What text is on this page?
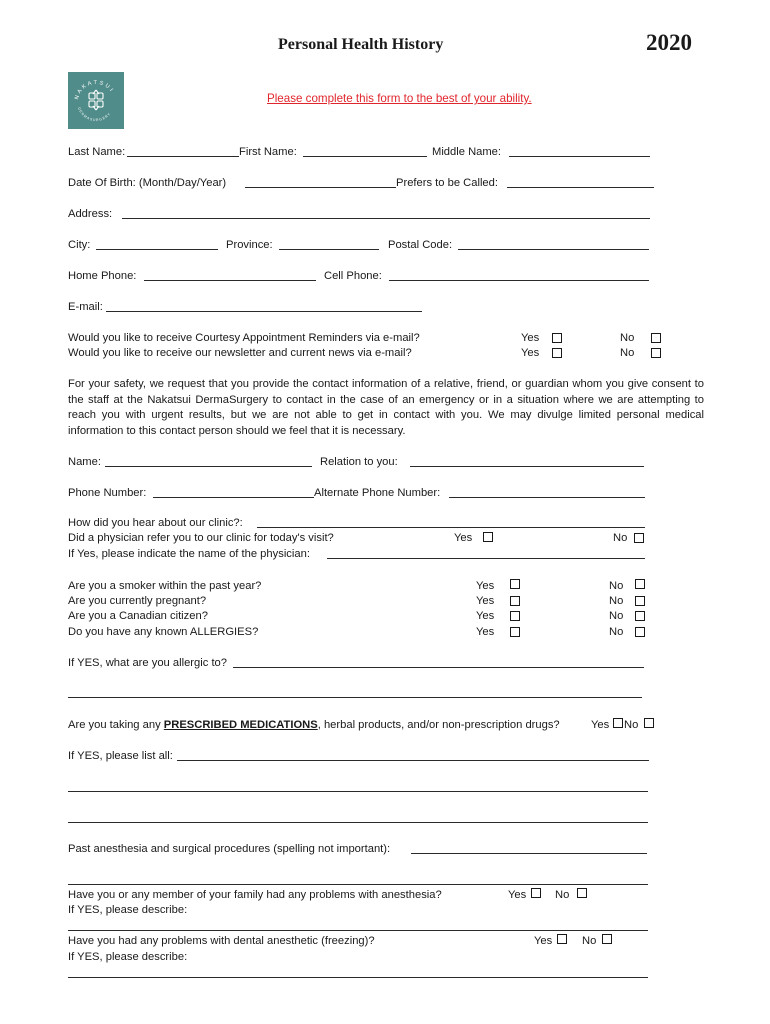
Personal Health History	2020
NAKATSUI
DERMASURGERY
Please complete this form to the best of your ability.
Last Name:	First Name:	Middle Name:
Date Of Birth: (Month/Day/Year)	Prefers to be Called:
Address:
City:	Province:	Postal Code:
Home Phone:	Cell Phone:
E-mail:
Would you like to receive Courtesy Appointment Reminders via e-mail?	Yes	No
Would you like to receive our newsletter and current news via e-mail?	Yes	No
For your safety, we request that you provide the contact information of a relative, friend, or guardian whom you give consent to the staff at the Nakatsui DermaSurgery to contact in the case of an emergency or in a situation where we are attempting to reach you with urgent results, but we are not able to get in contact with you. We may divulge limited personal medical information to this contact person should we feel that it is necessary.
Name:	Relation to you:
Phone Number:	Alternate Phone Number:
How did you hear about our clinic?:
Did a physician refer you to our clinic for today's visit?	Yes	No
If Yes, please indicate the name of the physician:
Are you a smoker within the past year?	Yes	No
Are you currently pregnant?	Yes	No
Are you a Canadian citizen?	Yes	No
Do you have any known ALLERGIES?	Yes	No
If YES, what are you allergic to?
Are you taking any PRESCRIBED MEDICATIONS, herbal products, and/or non-prescription drugs?	Yes No
If YES, please list all:
Past anesthesia and surgical procedures (spelling not important):
Have you or any member of your family had any problems with anesthesia?	Yes	No
If YES, please describe:
Have you had any problems with dental anesthetic (freezing)?	Yes	No
If YES, please describe:
